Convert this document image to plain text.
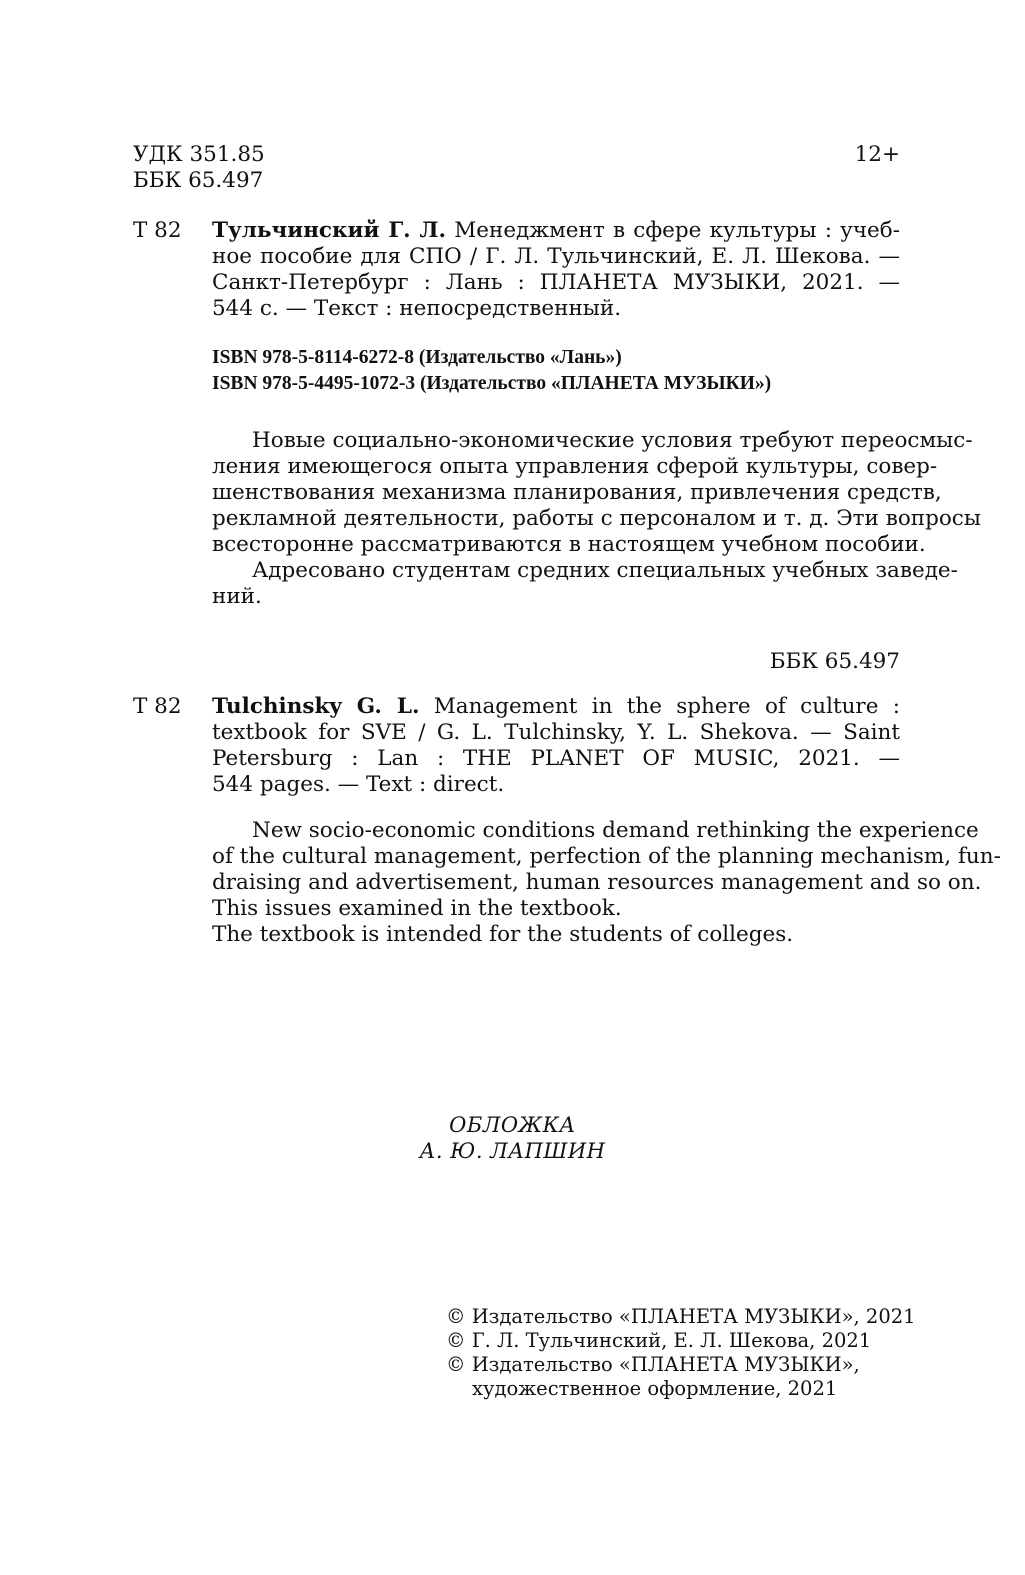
УДК 351.85
ББК 65.497
12+
Т 82 Тульчинский Г. Л. Менеджмент в сфере культуры : учеб-
ное пособие для СПО / Г. Л. Тульчинский, Е. Л. Шекова. —
Санкт-Петербург : Лань : ПЛАНЕТА МУЗЫКИ, 2021. —
544 с. — Текст : непосредственный.
ISBN 978-5-8114-6272-8 (Издательство «Лань»)
ISBN 978-5-4495-1072-3 (Издательство «ПЛАНЕТА МУЗЫКИ»)
Новые социально-экономические условия требуют переосмыс-
ления имеющегося опыта управления сферой культуры, совер-
шенствования механизма планирования, привлечения средств,
рекламной деятельности, работы с персоналом и т. д. Эти вопросы
всесторонне рассматриваются в настоящем учебном пособии.
Адресовано студентам средних специальных учебных заведе-
ний.
ББК 65.497
Т 82 Tulchinsky G. L. Management in the sphere of culture :
textbook for SVE / G. L. Tulchinsky, Y. L. Shekova. — Saint
Petersburg : Lan : THE PLANET OF MUSIC, 2021. —
544 pages. — Text : direct.
New socio-economic conditions demand rethinking the experience
of the cultural management, perfection of the planning mechanism, fun-
draising and advertisement, human resources management and so on.
This issues examined in the textbook.
The textbook is intended for the students of colleges.
ОБЛОЖКА
А. Ю. ЛАПШИН
© Издательство «ПЛАНЕТА МУЗЫКИ», 2021
© Г. Л. Тульчинский, Е. Л. Шекова, 2021
© Издательство «ПЛАНЕТА МУЗЫКИ»,
художественное оформление, 2021
